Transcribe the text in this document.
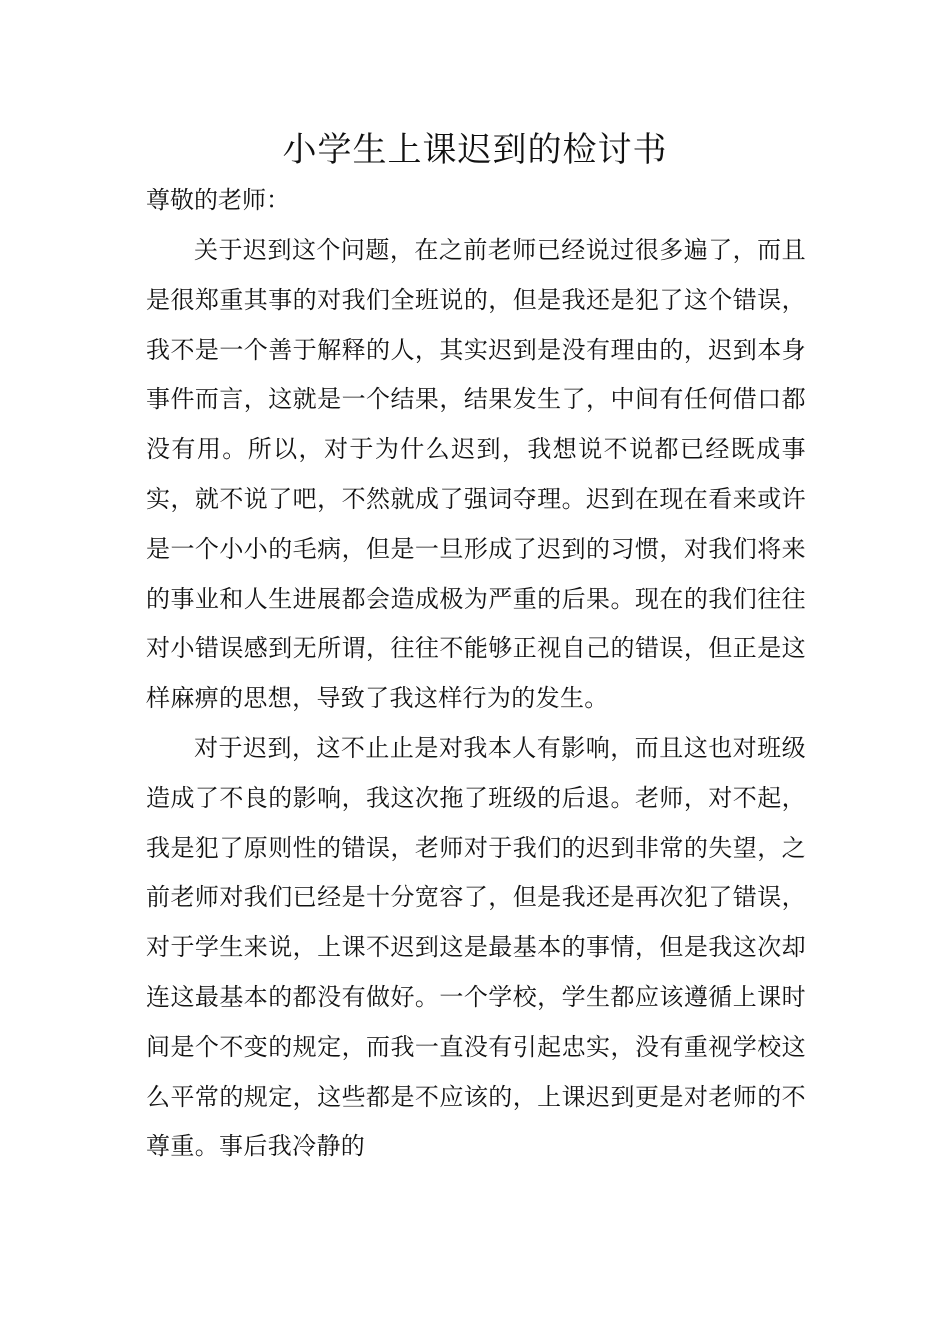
小学生上课迟到的检讨书

尊敬的老师：

关于迟到这个问题，在之前老师已经说过很多遍了，而且是很郑重其事的对我们全班说的，但是我还是犯了这个错误，我不是一个善于解释的人，其实迟到是没有理由的，迟到本身事件而言，这就是一个结果，结果发生了，中间有任何借口都没有用。所以，对于为什么迟到，我想说不说都已经既成事实，就不说了吧，不然就成了强词夺理。迟到在现在看来或许是一个小小的毛病，但是一旦形成了迟到的习惯，对我们将来的事业和人生进展都会造成极为严重的后果。现在的我们往往对小错误感到无所谓，往往不能够正视自己的错误，但正是这样麻痹的思想，导致了我这样行为的发生。

对于迟到，这不止止是对我本人有影响，而且这也对班级造成了不良的影响，我这次拖了班级的后退。老师，对不起，我是犯了原则性的错误，老师对于我们的迟到非常的失望，之前老师对我们已经是十分宽容了，但是我还是再次犯了错误，对于学生来说，上课不迟到这是最基本的事情，但是我这次却连这最基本的都没有做好。一个学校，学生都应该遵循上课时间是个不变的规定，而我一直没有引起忠实，没有重视学校这么平常的规定，这些都是不应该的，上课迟到更是对老师的不尊重。事后我冷静的
